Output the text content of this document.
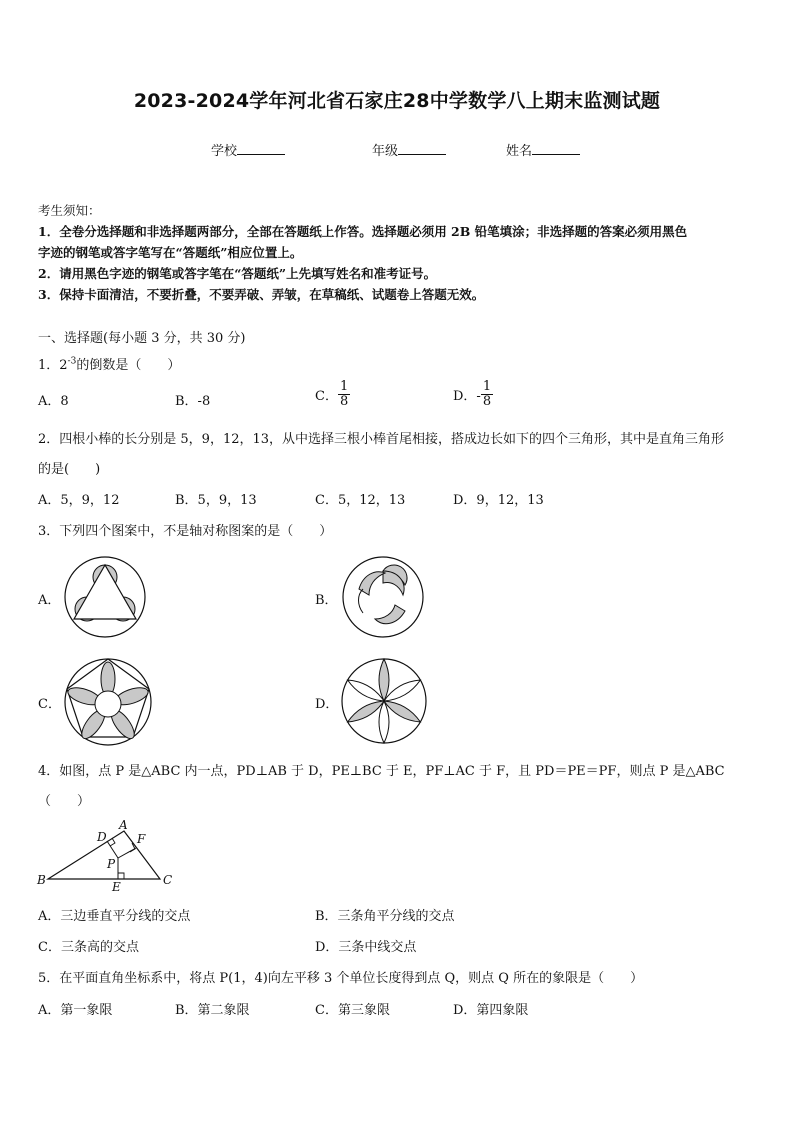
2023-2024学年河北省石家庄28中学数学八上期末监测试题
学校	年级	姓名
考生须知：
1．全卷分选择题和非选择题两部分，全部在答题纸上作答。选择题必须用 2B 铅笔填涂；非选择题的答案必须用黑色
字迹的钢笔或答字笔写在“答题纸”相应位置上。
2．请用黑色字迹的钢笔或答字笔在“答题纸”上先填写姓名和准考证号。
3．保持卡面清洁，不要折叠，不要弄破、弄皱，在草稿纸、试题卷上答题无效。
一、选择题(每小题 3 分，共 30 分)
1．$2^{-3}$的倒数是（　　）
A．8	B．-8	C． $\frac{1}{8}$	D．- $\frac{1}{8}$
2．四根小棒的长分别是 5，9，12，13，从中选择三根小棒首尾相接，搭成边长如下的四个三角形，其中是直角三角形
的是(　　)
A．5，9，12	B．5，9，13	C．5，12，13	D．9，12，13
3．下列四个图案中，不是轴对称图案的是（　　）
A．	B．
C．	D．
4．如图，点 P 是△ABC 内一点，PD⊥AB 于 D，PE⊥BC 于 E，PF⊥AC 于 F，且 PD＝PE＝PF，则点 P 是△ABC
（　　）
A
B	C
D
E
F
P
A．三边垂直平分线的交点	B．三条角平分线的交点
C．三条高的交点	D．三条中线交点
5．在平面直角坐标系中，将点 P(1，4)向左平移 3 个单位长度得到点 Q，则点 Q 所在的象限是（　　）
A．第一象限	B．第二象限	C．第三象限	D．第四象限
